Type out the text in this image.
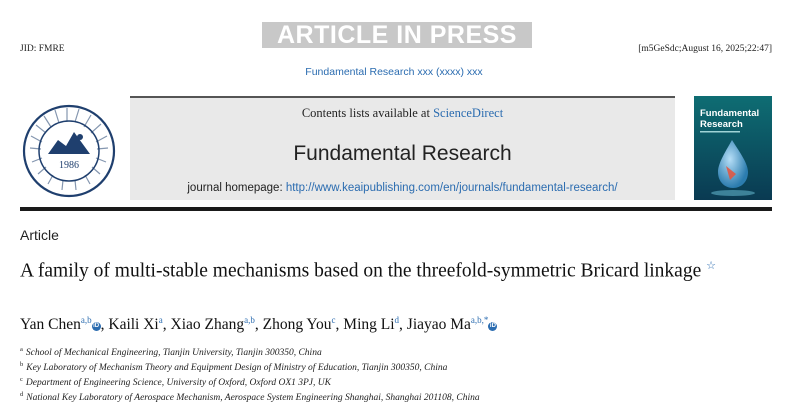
ARTICLE IN PRESS
JID: FMRE	[m5GeSdc;August 16, 2025;22:47]
Fundamental Research xxx (xxxx) xxx
1986
Contents lists available at ScienceDirect
Fundamental Research
journal homepage: http://www.keaipublishing.com/en/journals/fundamental-research/
Fundamental
Research
Article
A family of multi-stable mechanisms based on the threefold-symmetric Bricard linkage ☆
Yan Chen$^{a,b}$iD, Kaili Xi$^a$, Xiao Zhang$^{a,b}$, Zhong You$^c$, Ming Li$^d$, Jiayao $Ma^{a,b,*}iD$
$^a$ School of Mechanical Engineering, Tianjin University, Tianjin 300350, China
$^b$ Key Laboratory of Mechanism Theory and Equipment Design of Ministry of Education, Tianjin 300350, China
$^c$ Department of Engineering Science, University of Oxford, Oxford OX1 3PJ, UK
$^d$ National Key Laboratory of Aerospace Mechanism, Aerospace System Engineering Shanghai, Shanghai 201108, China
